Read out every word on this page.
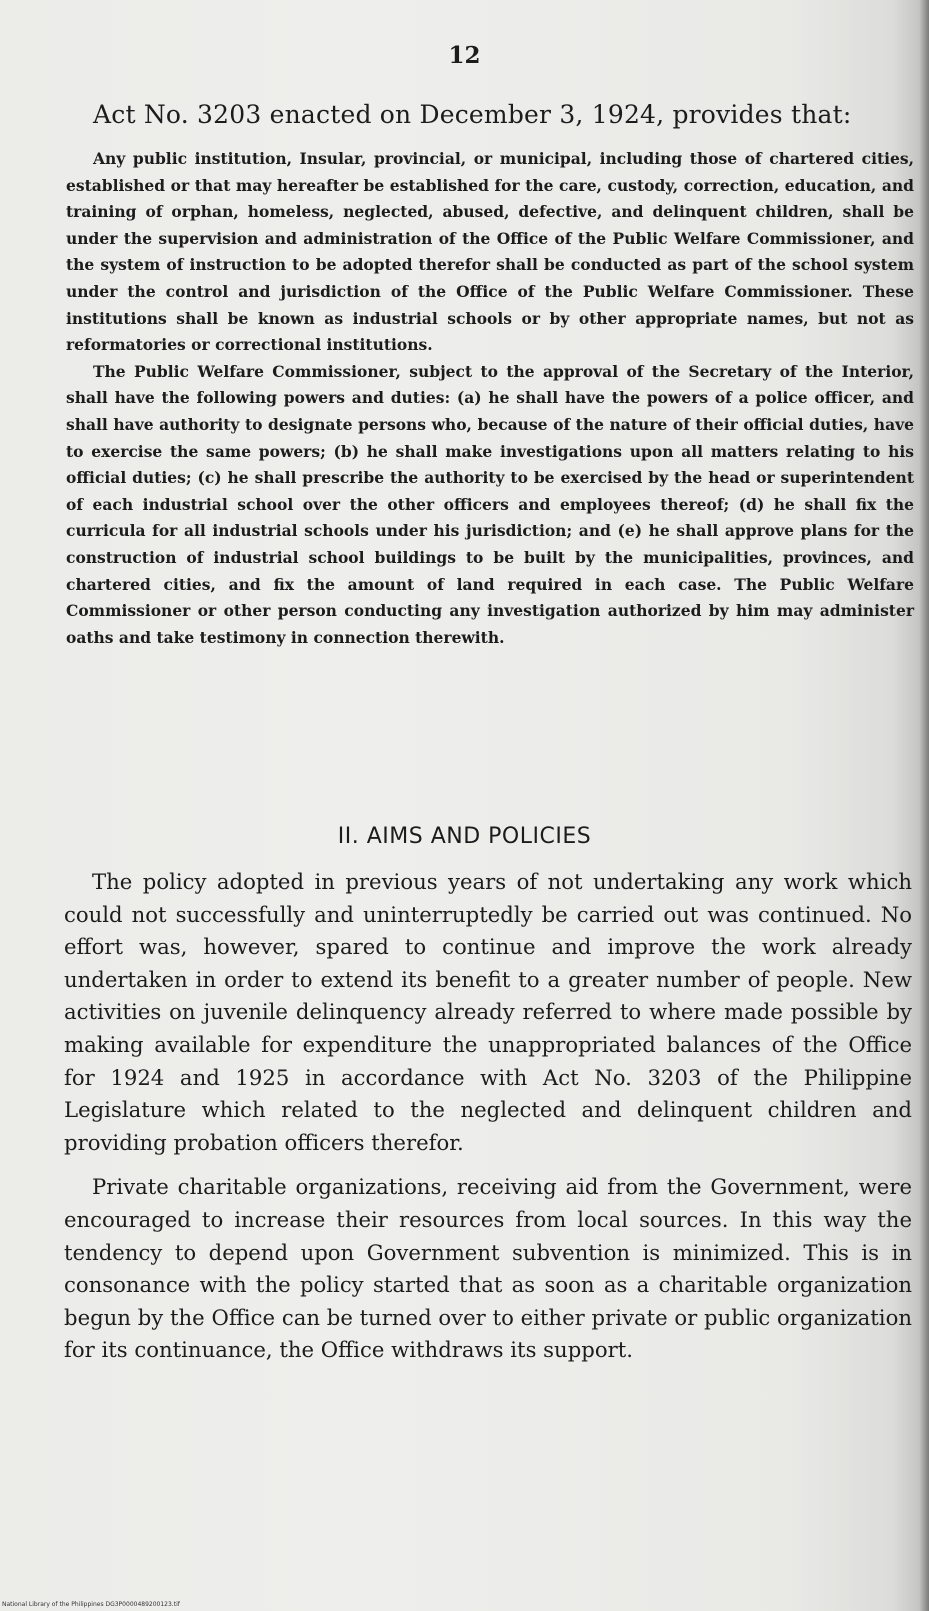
12
Act No. 3203 enacted on December 3, 1924, provides that:

Any public institution, Insular, provincial, or municipal, including those of chartered cities, established or that may hereafter be established for the care, custody, correction, education, and training of orphan, homeless, neglected, abused, defective, and delinquent children, shall be under the supervision and administration of the Office of the Public Welfare Commissioner, and the system of instruction to be adopted therefor shall be conducted as part of the school system under the control and jurisdiction of the Office of the Public Welfare Commissioner. These institutions shall be known as industrial schools or by other appropriate names, but not as reformatories or correctional institutions.

The Public Welfare Commissioner, subject to the approval of the Secretary of the Interior, shall have the following powers and duties: (a) he shall have the powers of a police officer, and shall have authority to designate persons who, because of the nature of their official duties, have to exercise the same powers; (b) he shall make investigations upon all matters relating to his official duties; (c) he shall prescribe the authority to be exercised by the head or superintendent of each industrial school over the other officers and employees thereof; (d) he shall fix the curricula for all industrial schools under his jurisdiction; and (e) he shall approve plans for the construction of industrial school buildings to be built by the municipalities, provinces, and chartered cities, and fix the amount of land required in each case. The Public Welfare Commissioner or other person conducting any investigation authorized by him may administer oaths and take testimony in connection therewith.

II. AIMS AND POLICIES

The policy adopted in previous years of not undertaking any work which could not successfully and uninterruptedly be carried out was continued. No effort was, however, spared to continue and improve the work already undertaken in order to extend its benefit to a greater number of people. New activities on juvenile delinquency already referred to where made possible by making available for expenditure the unappropriated balances of the Office for 1924 and 1925 in accordance with Act No. 3203 of the Philippine Legislature which related to the neglected and delinquent children and providing probation officers therefor.

Private charitable organizations, receiving aid from the Government, were encouraged to increase their resources from local sources. In this way the tendency to depend upon Government subvention is minimized. This is in consonance with the policy started that as soon as a charitable organization begun by the Office can be turned over to either private or public organization for its continuance, the Office withdraws its support.

National Library of the Philippines DG3P0000489200123.tif
